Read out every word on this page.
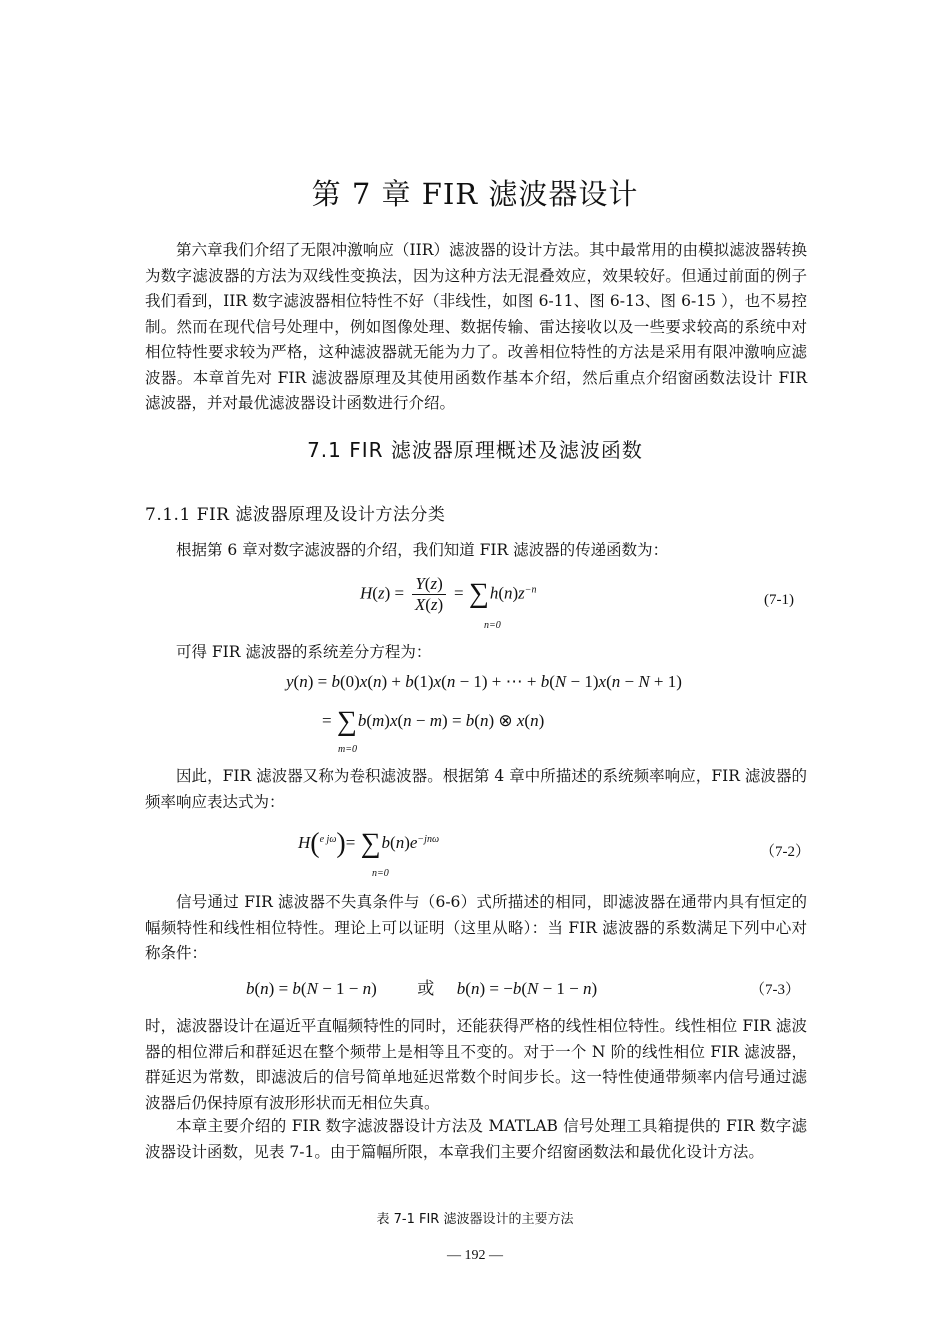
第 7 章 FIR 滤波器设计

第六章我们介绍了无限冲激响应（IIR）滤波器的设计方法。其中最常用的由模拟滤波器转换为数字滤波器的方法为双线性变换法，因为这种方法无混叠效应，效果较好。但通过前面的例子我们看到，IIR 数字滤波器相位特性不好（非线性，如图 6-11、图 6-13、图 6-15 ），也不易控制。然而在现代信号处理中，例如图像处理、数据传输、雷达接收以及一些要求较高的系统中对相位特性要求较为严格，这种滤波器就无能为力了。改善相位特性的方法是采用有限冲激响应滤波器。本章首先对 FIR 滤波器原理及其使用函数作基本介绍，然后重点介绍窗函数法设计 FIR 滤波器，并对最优滤波器设计函数进行介绍。

7.1 FIR 滤波器原理概述及滤波函数
7.1.1 FIR 滤波器原理及设计方法分类

根据第 6 章对数字滤波器的介绍，我们知道 FIR 滤波器的传递函数为：

$H(z) = \frac{Y(z)}{X(z)} = \sum h(n)z^{-n}$
n=0
(7-1)

可得 FIR 滤波器的系统差分方程为：

y(n) = b(0)x(n) + b(1)x(n − 1) + ⋯ + b(N − 1)x(n − N + 1)
= ∑b(m)x(n − m) = b(n) ⊗ x(n)
m=0

因此，FIR 滤波器又称为卷积滤波器。根据第 4 章中所描述的系统频率响应，FIR 滤波器的频率响应表达式为：

$H(^{e j\omega})= \sum b(n)e^{-jn\omega}$
n=0
（7-2）

信号通过 FIR 滤波器不失真条件与（6-6）式所描述的相同，即滤波器在通带内具有恒定的幅频特性和线性相位特性。理论上可以证明（这里从略）：当 FIR 滤波器的系数满足下列中心对称条件：

b(n) = b(N − 1 − n)  或 b(n) = −b(N − 1 − n)	（7-3）

时，滤波器设计在逼近平直幅频特性的同时，还能获得严格的线性相位特性。线性相位 FIR 滤波器的相位滞后和群延迟在整个频带上是相等且不变的。对于一个 N 阶的线性相位 FIR 滤波器，群延迟为常数，即滤波后的信号简单地延迟常数个时间步长。这一特性使通带频率内信号通过滤波器后仍保持原有波形形状而无相位失真。

本章主要介绍的 FIR 数字滤波器设计方法及 MATLAB 信号处理工具箱提供的 FIR 数字滤波器设计函数，见表 7-1。由于篇幅所限，本章我们主要介绍窗函数法和最优化设计方法。

表 7-1 FIR 滤波器设计的主要方法
— 192 —
